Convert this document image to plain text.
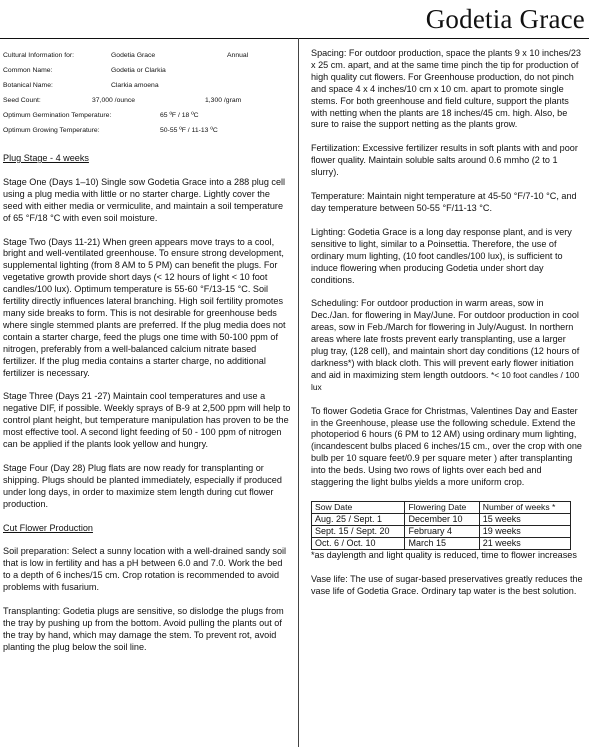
Godetia Grace
Cultural Information for:	Godetia Grace	Annual
Common Name:	Godetia or Clarkia
Botanical Name:	Clarkia amoena
Seed Count:	37,000 /ounce	1,300 /gram
Optimum Germination Temperature:	65 ºF / 18 ºC
Optimum Growing Temperature:	50-55 ºF / 11-13 ºC

Plug Stage - 4 weeks

Stage One (Days 1–10) Single sow Godetia Grace into a 288 plug cell using a plug media with little or no starter charge. Lightly cover the seed with either media or vermiculite, and maintain a soil temperature of 65 °F/18 °C with even soil moisture.

Stage Two (Days 11-21) When green appears move trays to a cool, bright and well-ventilated greenhouse. To ensure strong development, supplemental lighting (from 8 AM to 5 PM) can benefit the plugs. For vegetative growth provide short days (< 12 hours of light < 10 foot candles/100 lux). Optimum temperature is 55-60 °F/13-15 °C. Soil fertility directly influences lateral branching. High soil fertility promotes many side breaks to form. This is not desirable for greenhouse beds where single stemmed plants are preferred. If the plug media does not contain a starter charge, feed the plugs one time with 50-100 ppm of nitrogen, preferably from a well-balanced calcium nitrate based fertilizer. If the plug media contains a starter charge, no additional fertilizer is necessary.

Stage Three (Days 21 -27) Maintain cool temperatures and use a negative DIF, if possible. Weekly sprays of B-9 at 2,500 ppm will help to control plant height, but temperature manipulation has proven to be the most effective tool. A second light feeding of 50 - 100 ppm of nitrogen can be applied if the plants look yellow and hungry.

Stage Four (Day 28) Plug flats are now ready for transplanting or shipping. Plugs should be planted immediately, especially if produced under long days, in order to maximize stem length during cut flower production.

Cut Flower Production

Soil preparation: Select a sunny location with a well-drained sandy soil that is low in fertility and has a pH between 6.0 and 7.0. Work the bed to a depth of 6 inches/15 cm. Crop rotation is recommended to avoid problems with fusarium.

Transplanting: Godetia plugs are sensitive, so dislodge the plugs from the tray by pushing up from the bottom. Avoid pulling the plants out of the tray by hand, which may damage the stem. To prevent rot, avoid planting the plug below the soil line.

Spacing: For outdoor production, space the plants 9 x 10 inches/23 x 25 cm. apart, and at the same time pinch the tip for production of high quality cut flowers. For Greenhouse production, do not pinch and space 4 x 4 inches/10 cm x 10 cm. apart to promote single stems. For both greenhouse and field culture, support the plants with netting when the plants are 18 inches/45 cm. high. Also, be sure to raise the support netting as the plants grow.

Fertilization: Excessive fertilizer results in soft plants with and poor flower quality. Maintain soluble salts around 0.6 mmho (2 to 1 slurry).

Temperature: Maintain night temperature at 45-50 °F/7-10 °C, and day temperature between 50-55 °F/11-13 °C.

Lighting: Godetia Grace is a long day response plant, and is very sensitive to light, similar to a Poinsettia. Therefore, the use of ordinary mum lighting, (10 foot candles/100 lux), is sufficient to induce flowering when producing Godetia under short day conditions.

Scheduling: For outdoor production in warm areas, sow in Dec./Jan. for flowering in May/June. For outdoor production in cool areas, sow in Feb./March for flowering in July/August. In northern areas where late frosts prevent early transplanting, use a larger plug tray, (128 cell), and maintain short day conditions (12 hours of darkness*) with black cloth. This will prevent early flower initiation and aid in maximizing stem length outdoors. *< 10 foot candles / 100 lux

To flower Godetia Grace for Christmas, Valentines Day and Easter in the Greenhouse, please use the following schedule. Extend the photoperiod 6 hours (6 PM to 12 AM) using ordinary mum lighting, (incandescent bulbs placed 6 inches/15 cm., over the crop with one bulb per 10 square feet/0.9 per square meter ) after transplanting into the beds. Using two rows of lights over each bed and staggering the light bulbs yields a more uniform crop.

Sow Date	Flowering Date	Number of weeks *
Aug. 25 / Sept. 1	December 10	15 weeks
Sept. 15 / Sept. 20	February 4	19 weeks
Oct. 6 / Oct. 10	March 15	21 weeks

*as daylength and light quality is reduced, time to flower increases

Vase life: The use of sugar-based preservatives greatly reduces the vase life of Godetia Grace. Ordinary tap water is the best solution.
